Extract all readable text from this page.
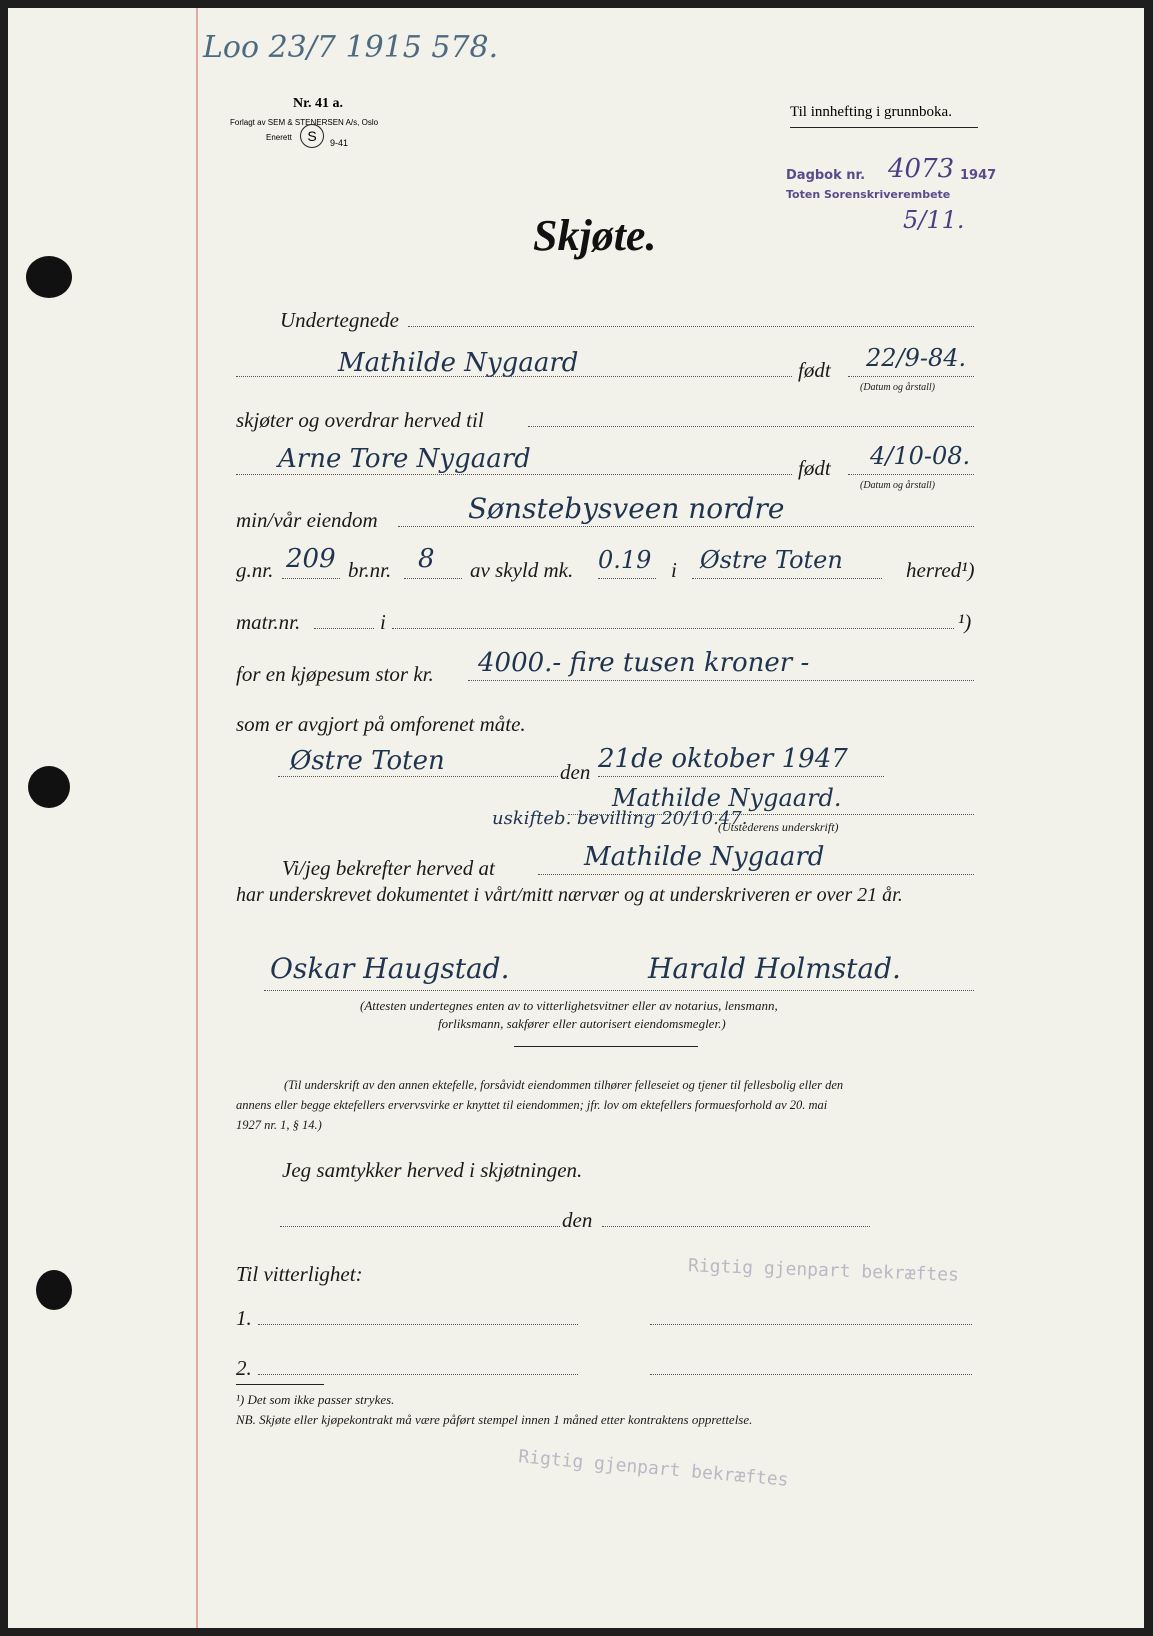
Loo 23/7 1915 578.
Nr. 41 a.
Forlagt av SEM & STENERSEN A/s, Oslo
Enerett	S	9-41
Til innhefting i grunnboka.
Dagbok nr. 4073 1947
Toten Sorenskriverembete
5/11.
Skjøte.
Undertegnede
Mathilde Nygaard	født 22/9-84.
(Datum og årstall)
skjøter og overdrar herved til
Arne Tore Nygaard	født 4/10-08.
(Datum og årstall)
min/vår eiendom	Sønstebysveen nordre
g.nr. 209 br.nr. 8 av skyld mk. 0.19 i Østre Toten	herred¹)
matr.nr.	i	¹)
for en kjøpesum stor kr. 4000.- fire tusen kroner -
som er avgjort på omforenet måte.
Østre Toten	den 21de oktober 1947
Mathilde Nygaard.
uskifteb. bevilling 20/10.47.
(Utstederens underskrift)
Vi/jeg bekrefter herved at	Mathilde Nygaard
har underskrevet dokumentet i vårt/mitt nærvær og at underskriveren er over 21 år.
Oskar Haugstad.	Harald Holmstad.
(Attesten undertegnes enten av to vitterlighetsvitner eller av notarius, lensmann,
forliksmann, sakfører eller autorisert eiendomsmegler.)
(Til underskrift av den annen ektefelle, forsåvidt eiendommen tilhører felleseiet og tjener til fellesbolig eller den
annens eller begge ektefellers ervervsvirke er knyttet til eiendommen; jfr. lov om ektefellers formuesforhold av 20. mai
1927 nr. 1, § 14.)
Jeg samtykker herved i skjøtningen.
den
Til vitterlighet:	Rigtig gjenpart bekræftes
1.
2.
¹) Det som ikke passer strykes.
NB. Skjøte eller kjøpekontrakt må være påført stempel innen 1 måned etter kontraktens opprettelse.
Rigtig gjenpart bekræftes
